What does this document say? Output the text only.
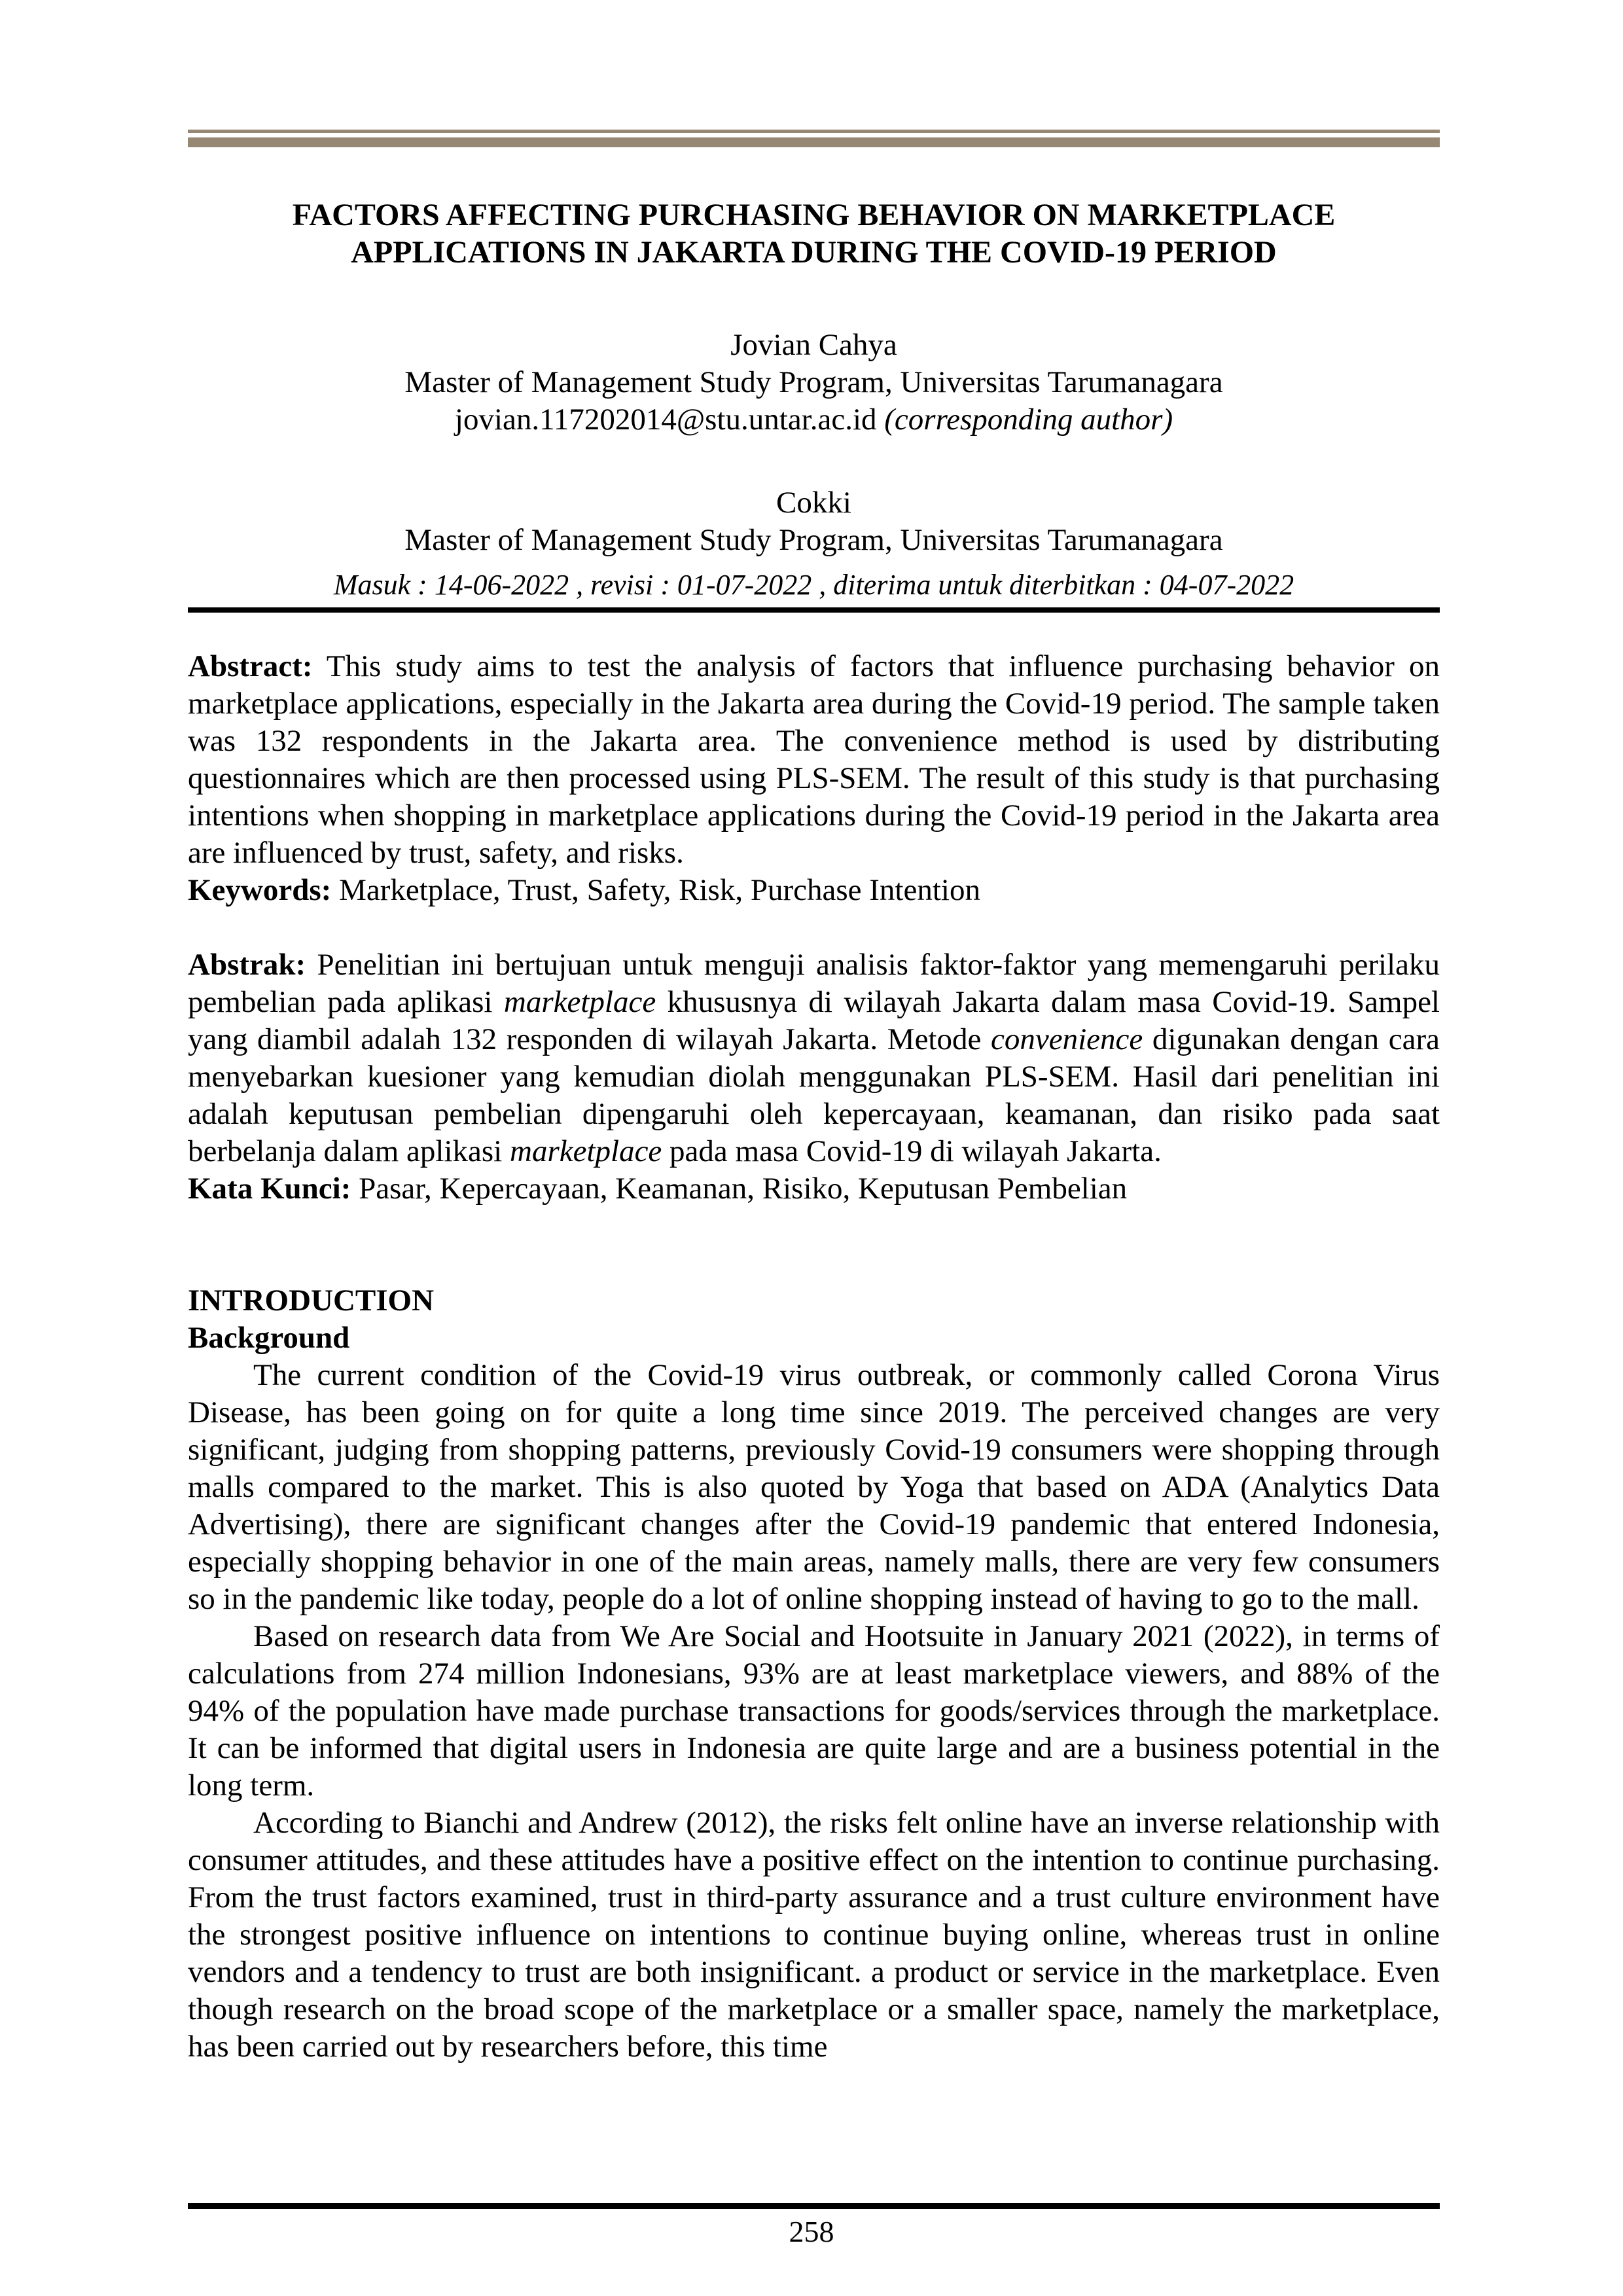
FACTORS AFFECTING PURCHASING BEHAVIOR ON MARKETPLACE APPLICATIONS IN JAKARTA DURING THE COVID-19 PERIOD

Jovian Cahya

Master of Management Study Program, Universitas Tarumanagara

jovian.117202014@stu.untar.ac.id (corresponding author)

Cokki

Master of Management Study Program, Universitas Tarumanagara

Masuk : 14-06-2022 , revisi : 01-07-2022 , diterima untuk diterbitkan : 04-07-2022

Abstract: This study aims to test the analysis of factors that influence purchasing behavior on marketplace applications, especially in the Jakarta area during the Covid-19 period. The sample taken was 132 respondents in the Jakarta area. The convenience method is used by distributing questionnaires which are then processed using PLS-SEM. The result of this study is that purchasing intentions when shopping in marketplace applications during the Covid-19 period in the Jakarta area are influenced by trust, safety, and risks.

Keywords: Marketplace, Trust, Safety, Risk, Purchase Intention

Abstrak: Penelitian ini bertujuan untuk menguji analisis faktor-faktor yang memengaruhi perilaku pembelian pada aplikasi marketplace khususnya di wilayah Jakarta dalam masa Covid-19. Sampel yang diambil adalah 132 responden di wilayah Jakarta. Metode convenience digunakan dengan cara menyebarkan kuesioner yang kemudian diolah menggunakan PLS-SEM. Hasil dari penelitian ini adalah keputusan pembelian dipengaruhi oleh kepercayaan, keamanan, dan risiko pada saat berbelanja dalam aplikasi marketplace pada masa Covid-19 di wilayah Jakarta.

Kata Kunci: Pasar, Kepercayaan, Keamanan, Risiko, Keputusan Pembelian

INTRODUCTION
Background

The current condition of the Covid-19 virus outbreak, or commonly called Corona Virus Disease, has been going on for quite a long time since 2019. The perceived changes are very significant, judging from shopping patterns, previously Covid-19 consumers were shopping through malls compared to the market. This is also quoted by Yoga that based on ADA (Analytics Data Advertising), there are significant changes after the Covid-19 pandemic that entered Indonesia, especially shopping behavior in one of the main areas, namely malls, there are very few consumers so in the pandemic like today, people do a lot of online shopping instead of having to go to the mall.

Based on research data from We Are Social and Hootsuite in January 2021 (2022), in terms of calculations from 274 million Indonesians, 93% are at least marketplace viewers, and 88% of the 94% of the population have made purchase transactions for goods/services through the marketplace. It can be informed that digital users in Indonesia are quite large and are a business potential in the long term.

According to Bianchi and Andrew (2012), the risks felt online have an inverse relationship with consumer attitudes, and these attitudes have a positive effect on the intention to continue purchasing. From the trust factors examined, trust in third-party assurance and a trust culture environment have the strongest positive influence on intentions to continue buying online, whereas trust in online vendors and a tendency to trust are both insignificant. a product or service in the marketplace. Even though research on the broad scope of the marketplace or a smaller space, namely the marketplace, has been carried out by researchers before, this time

258
